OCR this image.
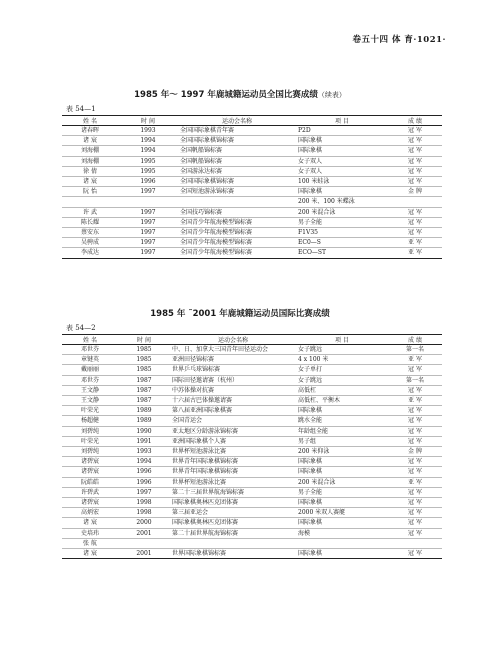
卷五十四 体 育·1021·
1985 年～ 1997 年鹿城籍运动员全国比赛成绩（续表）
表 54—1
姓 名	时 间	运动会名称	项 目	成 绩
诸春晖	1993	全国国际象棋青年赛	P2D	冠 军
诸 宸	1994	全国国际象棋锦标赛	国际象棋	冠 军
刘海棚	1994	全国帆船锦标赛	国际象棋	冠 军
刘海棚	1995	全国帆船锦标赛	女子双人	冠 军
徐 倩	1995	全国游泳达标赛	女子双人	冠 军
诸 宸	1996	全国国际象棋锦标赛	100 米蛙泳	冠 军
阮 怡	1997	全国短池游泳锦标赛	国际象棋	金 牌
			200 米、100 米蝶泳	
许 武	1997	全国技巧锦标赛	200 米混合泳	冠 军
陈长耀	1997	全国青少年航海模型锦标赛	男子全能	冠 军
蔡安东	1997	全国青少年航海模型锦标赛	F1V35	冠 军
吴骋成	1997	全国青少年航海模型锦标赛	EC0—S	亚 军
李成达	1997	全国青少年航海模型锦标赛	ECO—ST	亚 军
1985 年 ˜2001 年鹿城籍运动员国际比赛成绩
表 54—2
姓 名	时 间	运动会名称	项 目	成 绩
邓世芬	1985	中、日、加拿大三国青年田径运动会	女子跳远	第一名
章键英	1985	亚洲田径锦标赛	4 x 100 米	亚 军
戴丽丽	1985	世界乒乓球锦标赛	女子单打	冠 军
邓世芬	1987	国际田径邀请赛（杭州）	女子跳远	第一名
王文静	1987	中苏体操对抗赛	高低杠	冠 军
王文静	1987	十六届古巴体操邀请赛	高低杠、平衡木	亚 军
叶荣光	1989	第八届亚洲国际象棋赛	国际象棋	冠 军
杨超健	1989	全国青运会	跳水全能	冠 军
刘碧纯	1990	亚太地区分龄游泳锦标赛	年龄组全能	冠 军
叶荣光	1991	亚洲国际象棋个人赛	男子组	冠 军
刘碧纯	1993	世界杯短池游泳比赛	200 米仰泳	金 牌
诸碧宸	1994	世界青年国际象棋锦标赛	国际象棋	冠 军
诸碧宸	1996	世界青年国际象棋锦标赛	国际象棋	冠 军
阮皓皓	1996	世界杯短池游泳比赛	200 米混合泳	亚 军
许碧武	1997	第二十三届世界航海锦标赛	男子全能	冠 军
诸碧宸	1998	国际象棋奥林匹克团体赛	国际象棋	冠 军
高炳宏	1998	第三届亚运会	2000 米双人赛艇	冠 军
诸 宸	2000	国际象棋奥林匹克团体赛	国际象棋	冠 军
史培玮	2001	第二十届世界航海锦标赛	海模	冠 军
张 航				
诸 宸	2001	世界国际象棋锦标赛	国际象棋	冠 军
